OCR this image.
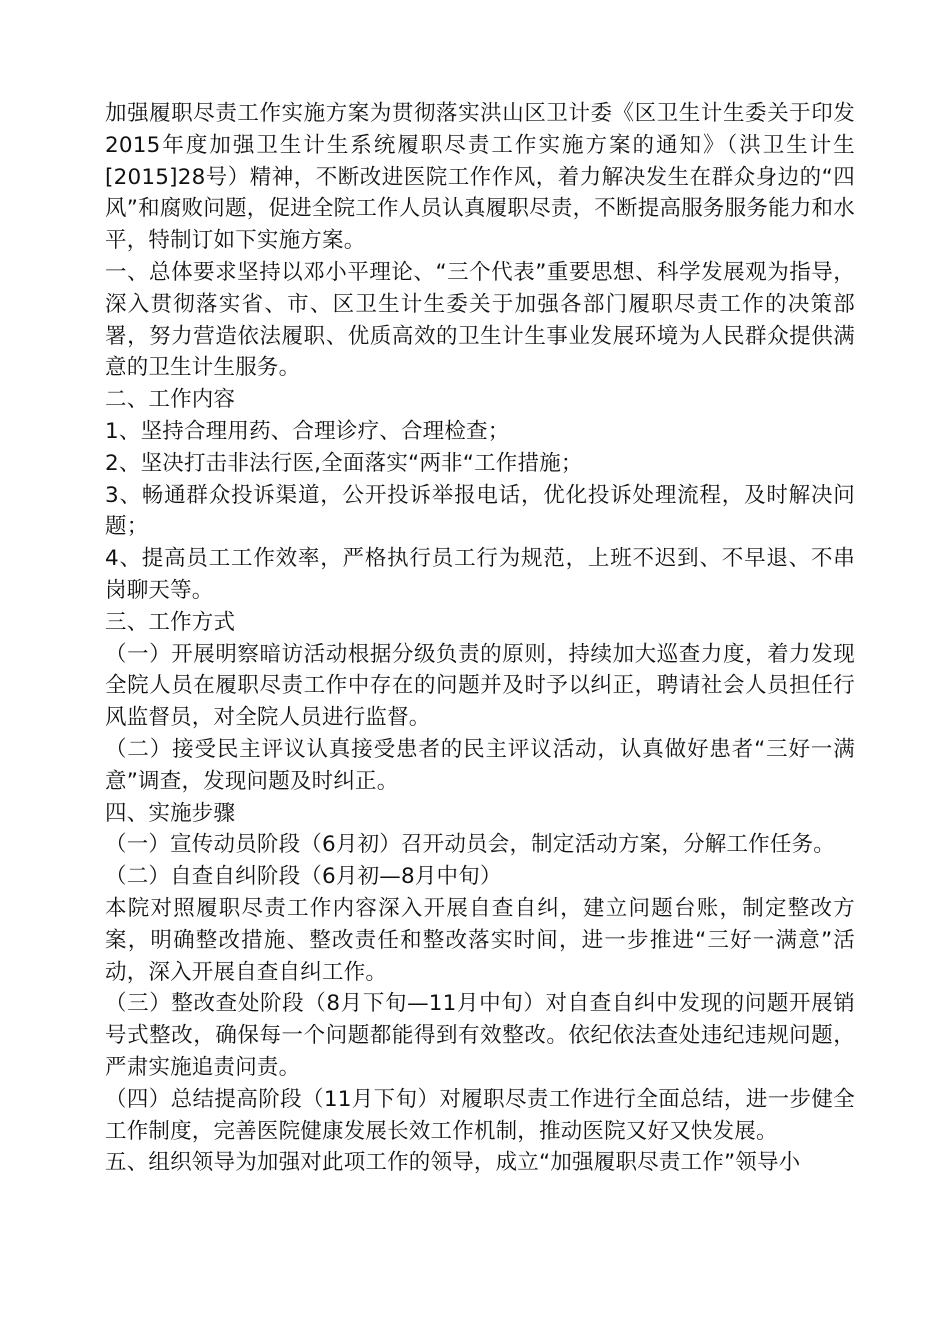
加强履职尽责工作实施方案为贯彻落实洪山区卫计委《区卫生计生委关于印发2015年度加强卫生计生系统履职尽责工作实施方案的通知》（洪卫生计生[2015]28号）精神，不断改进医院工作作风，着力解决发生在群众身边的“四风”和腐败问题，促进全院工作人员认真履职尽责，不断提高服务服务能力和水平，特制订如下实施方案。

一、总体要求坚持以邓小平理论、“三个代表”重要思想、科学发展观为指导，深入贯彻落实省、市、区卫生计生委关于加强各部门履职尽责工作的决策部署，努力营造依法履职、优质高效的卫生计生事业发展环境为人民群众提供满意的卫生计生服务。

二、工作内容

1、坚持合理用药、合理诊疗、合理检查；

2、坚决打击非法行医,全面落实“两非“工作措施；

3、畅通群众投诉渠道，公开投诉举报电话，优化投诉处理流程，及时解决问题；

4、提高员工工作效率，严格执行员工行为规范，上班不迟到、不早退、不串岗聊天等。

三、工作方式

（一）开展明察暗访活动根据分级负责的原则，持续加大巡查力度，着力发现全院人员在履职尽责工作中存在的问题并及时予以纠正，聘请社会人员担任行风监督员，对全院人员进行监督。

（二）接受民主评议认真接受患者的民主评议活动，认真做好患者“三好一满意”调查，发现问题及时纠正。

四、实施步骤

（一）宣传动员阶段（6月初）召开动员会，制定活动方案，分解工作任务。

（二）自查自纠阶段（6月初—8月中旬）

本院对照履职尽责工作内容深入开展自查自纠，建立问题台账，制定整改方案，明确整改措施、整改责任和整改落实时间，进一步推进“三好一满意”活动，深入开展自查自纠工作。

（三）整改查处阶段（8月下旬—11月中旬）对自查自纠中发现的问题开展销号式整改，确保每一个问题都能得到有效整改。依纪依法查处违纪违规问题，严肃实施追责问责。

（四）总结提高阶段（11月下旬）对履职尽责工作进行全面总结，进一步健全工作制度，完善医院健康发展长效工作机制，推动医院又好又快发展。

五、组织领导为加强对此项工作的领导，成立“加强履职尽责工作”领导小
